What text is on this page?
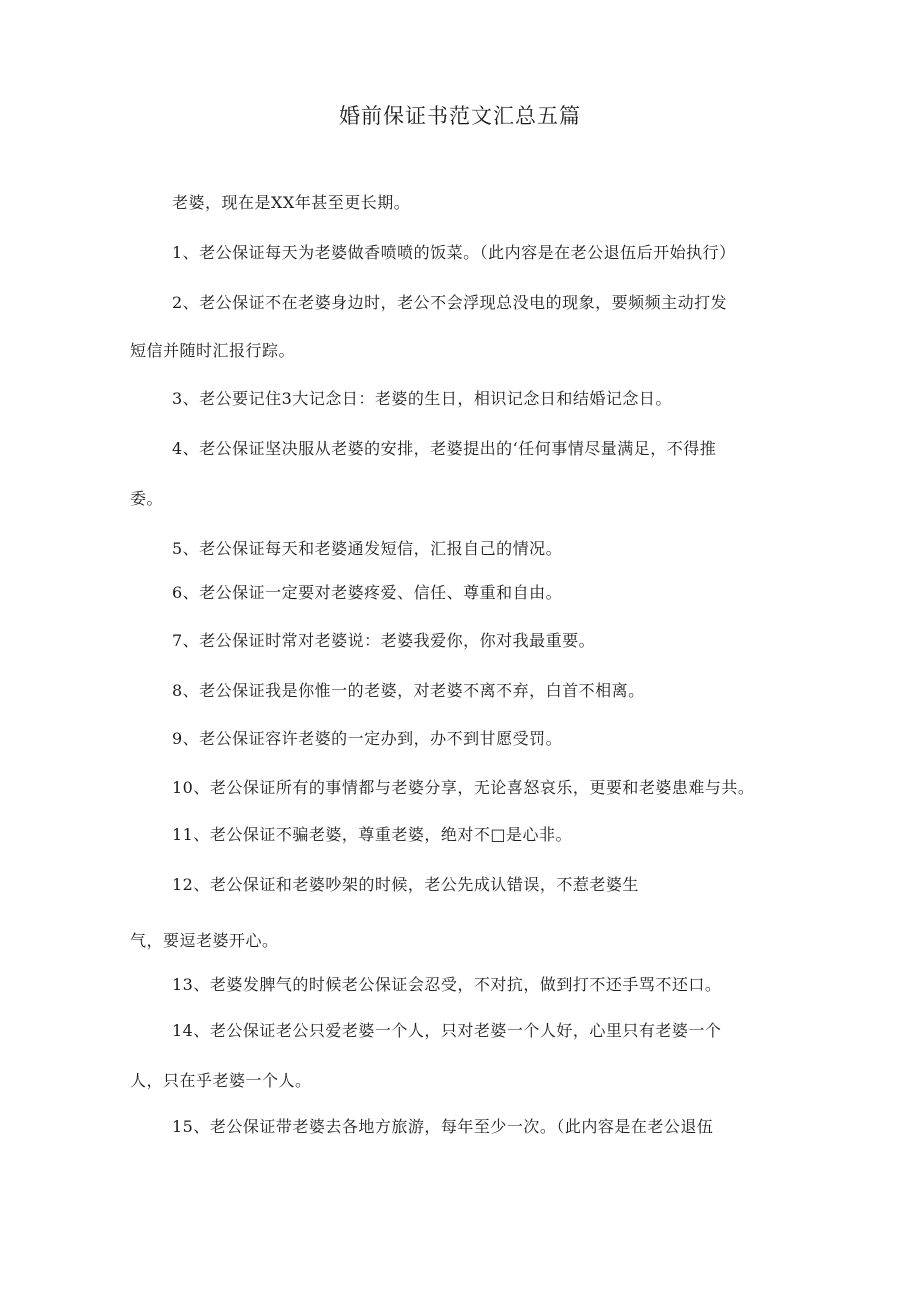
婚前保证书范文汇总五篇
老婆，现在是XX年甚至更长期。
1、老公保证每天为老婆做香喷喷的饭菜。（此内容是在老公退伍后开始执行）
2、老公保证不在老婆身边时，老公不会浮现总没电的现象，要频频主动打发
短信并随时汇报行踪。
3、老公要记住3大记念日：老婆的生日，相识记念日和结婚记念日。
4、老公保证坚决服从老婆的安排，老婆提出的‘任何事情尽量满足，不得推
委。
5、老公保证每天和老婆通发短信，汇报自己的情况。
6、老公保证一定要对老婆疼爱、信任、尊重和自由。
7、老公保证时常对老婆说：老婆我爱你，你对我最重要。
8、老公保证我是你惟一的老婆，对老婆不离不弃，白首不相离。
9、老公保证容许老婆的一定办到，办不到甘愿受罚。
10、老公保证所有的事情都与老婆分享，无论喜怒哀乐，更要和老婆患难与共。
11、老公保证不骗老婆，尊重老婆，绝对不□是心非。
12、老公保证和老婆吵架的时候，老公先成认错误，不惹老婆生
气，要逗老婆开心。
13、老婆发脾气的时候老公保证会忍受，不对抗，做到打不还手骂不还口。
14、老公保证老公只爱老婆一个人，只对老婆一个人好，心里只有老婆一个
人，只在乎老婆一个人。
15、老公保证带老婆去各地方旅游，每年至少一次。（此内容是在老公退伍
